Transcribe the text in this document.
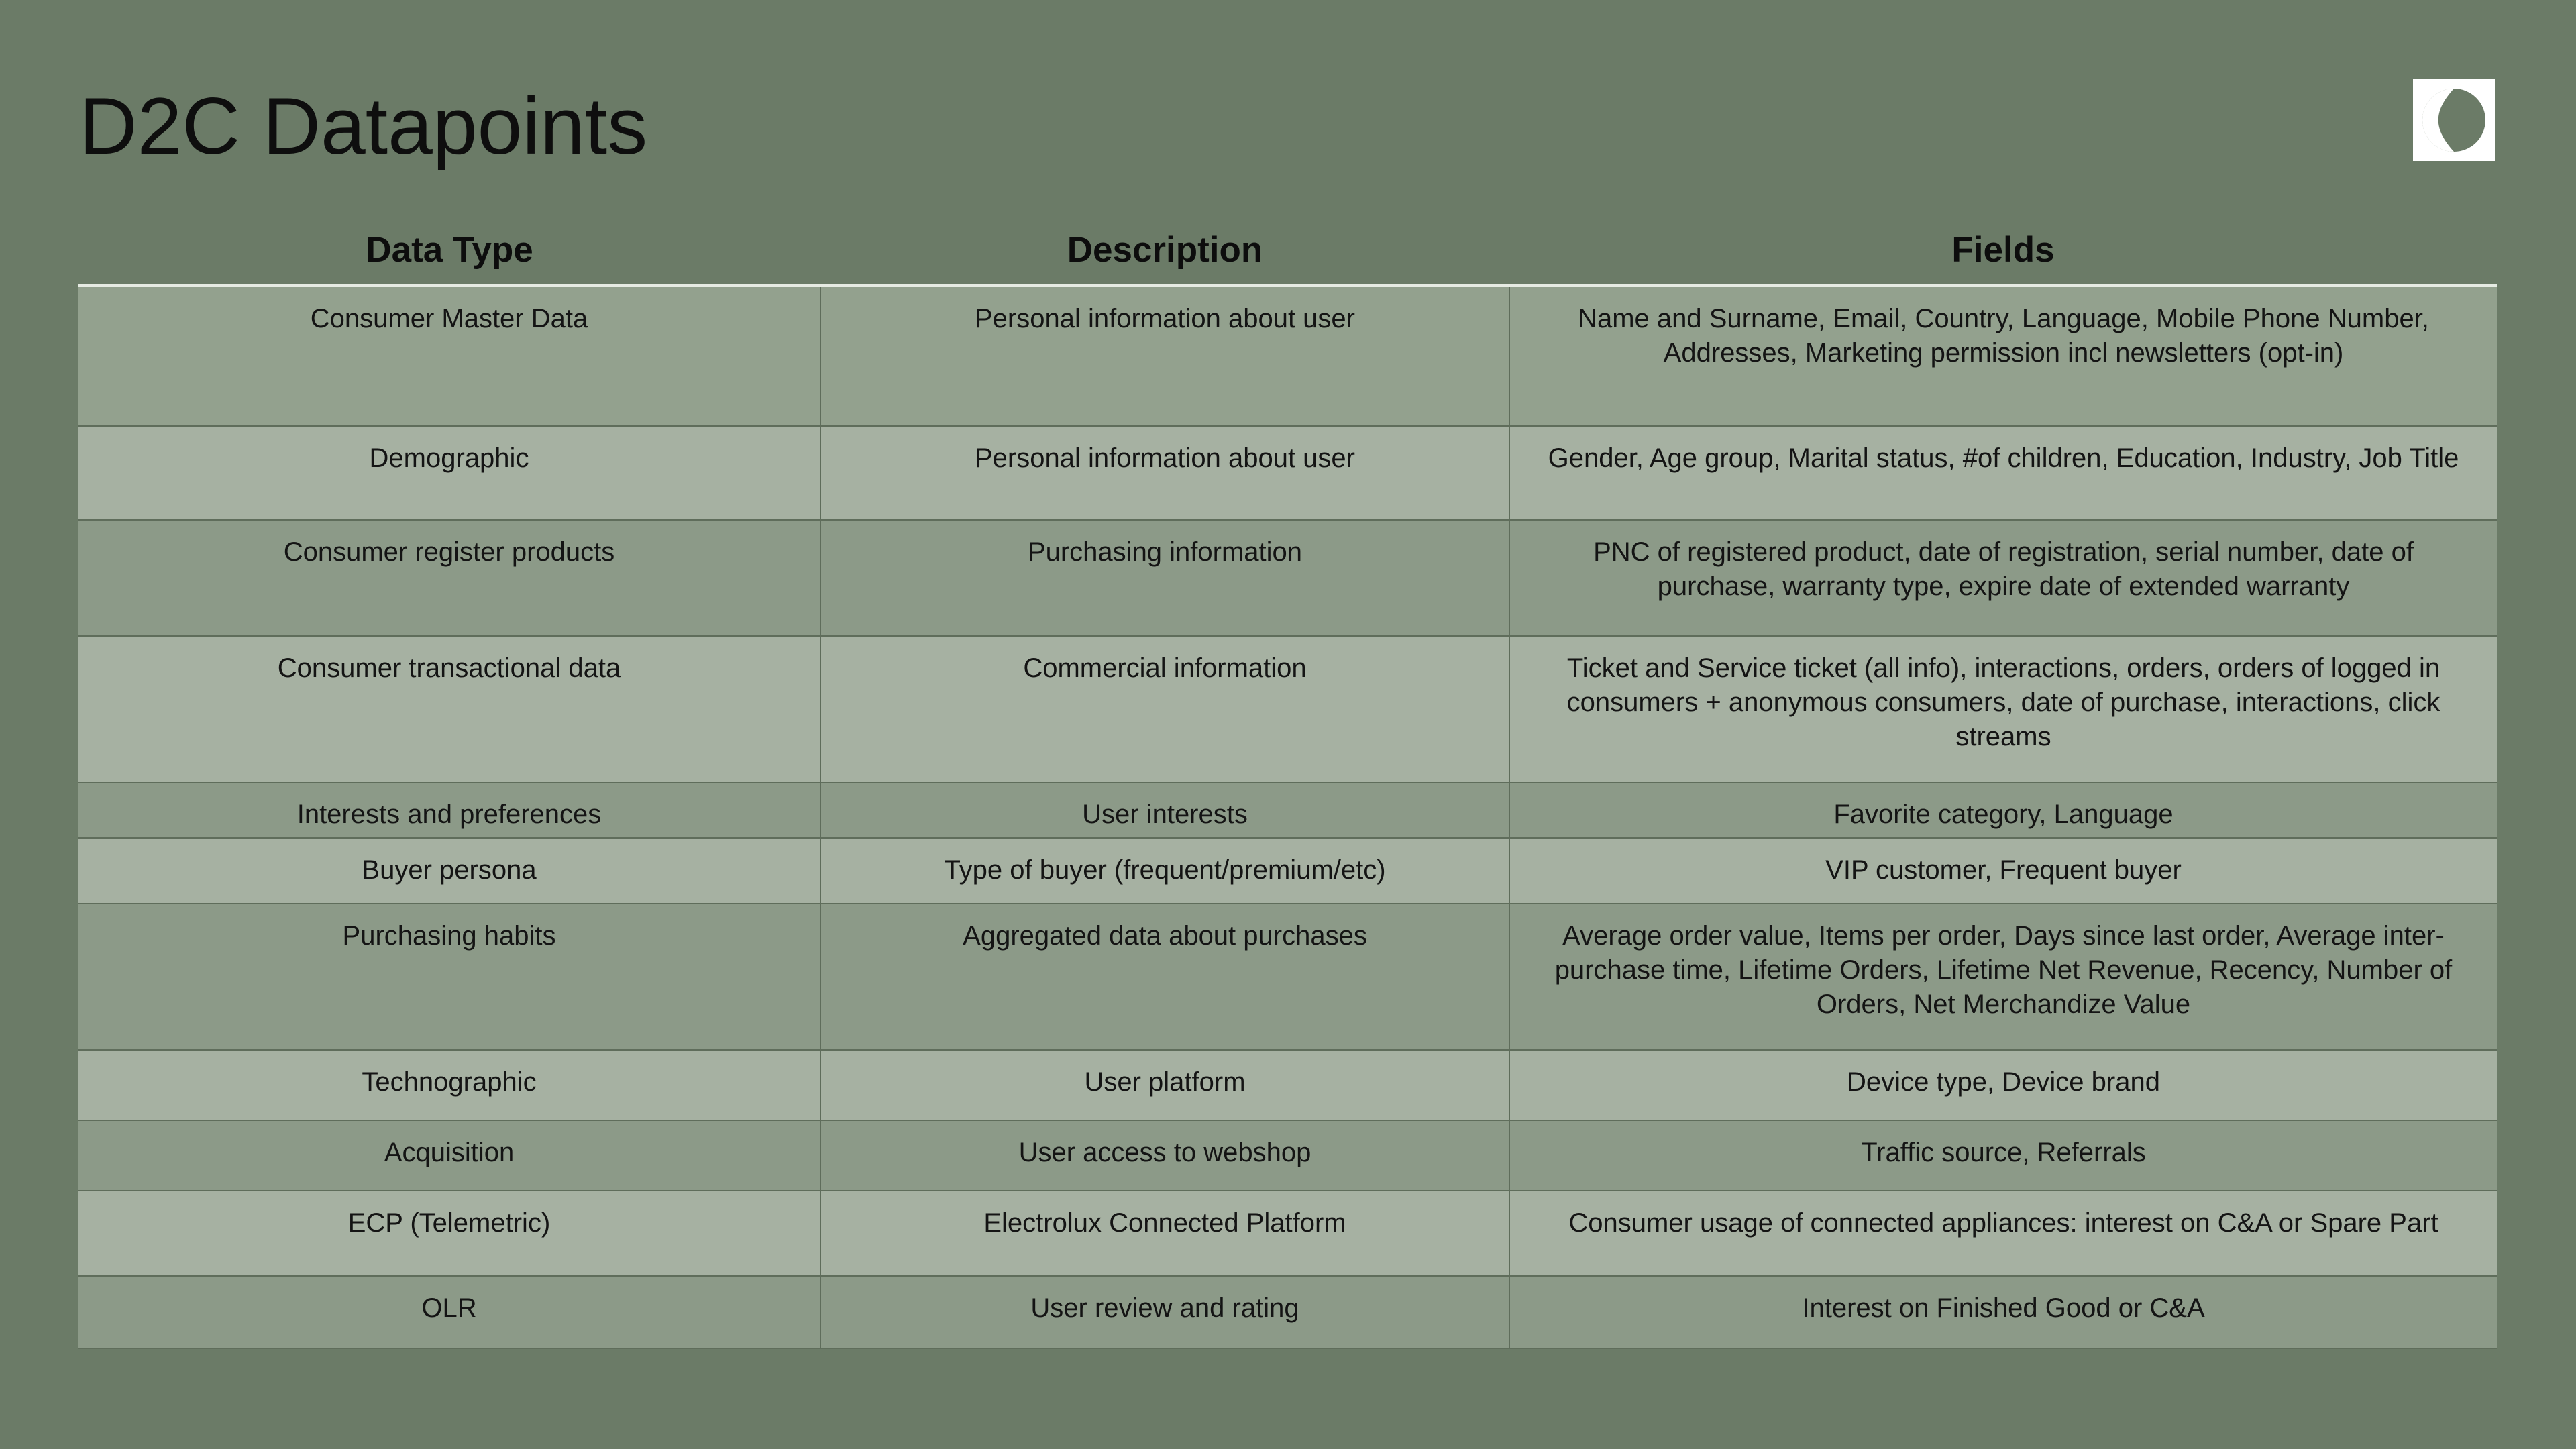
D2C Datapoints
Data Type	Description	Fields
Consumer Master Data	Personal information about user	Name and Surname, Email, Country, Language, Mobile Phone Number, Addresses, Marketing permission incl newsletters (opt-in)
Demographic	Personal information about user	Gender, Age group, Marital status, #of children, Education, Industry, Job Title
Consumer register products	Purchasing information	PNC of registered product, date of registration, serial number, date of purchase, warranty type, expire date of extended warranty
Consumer transactional data	Commercial information	Ticket and Service ticket (all info), interactions, orders, orders of logged in consumers + anonymous consumers, date of purchase, interactions, click streams
Interests and preferences	User interests	Favorite category, Language
Buyer persona	Type of buyer (frequent/premium/etc)	VIP customer, Frequent buyer
Purchasing habits	Aggregated data about purchases	Average order value, Items per order, Days since last order, Average inter-purchase time, Lifetime Orders, Lifetime Net Revenue, Recency, Number of Orders, Net Merchandize Value
Technographic	User platform	Device type, Device brand
Acquisition	User access to webshop	Traffic source, Referrals
ECP (Telemetric)	Electrolux Connected Platform	Consumer usage of connected appliances: interest on C&A or Spare Part
OLR	User review and rating	Interest on Finished Good or C&A
